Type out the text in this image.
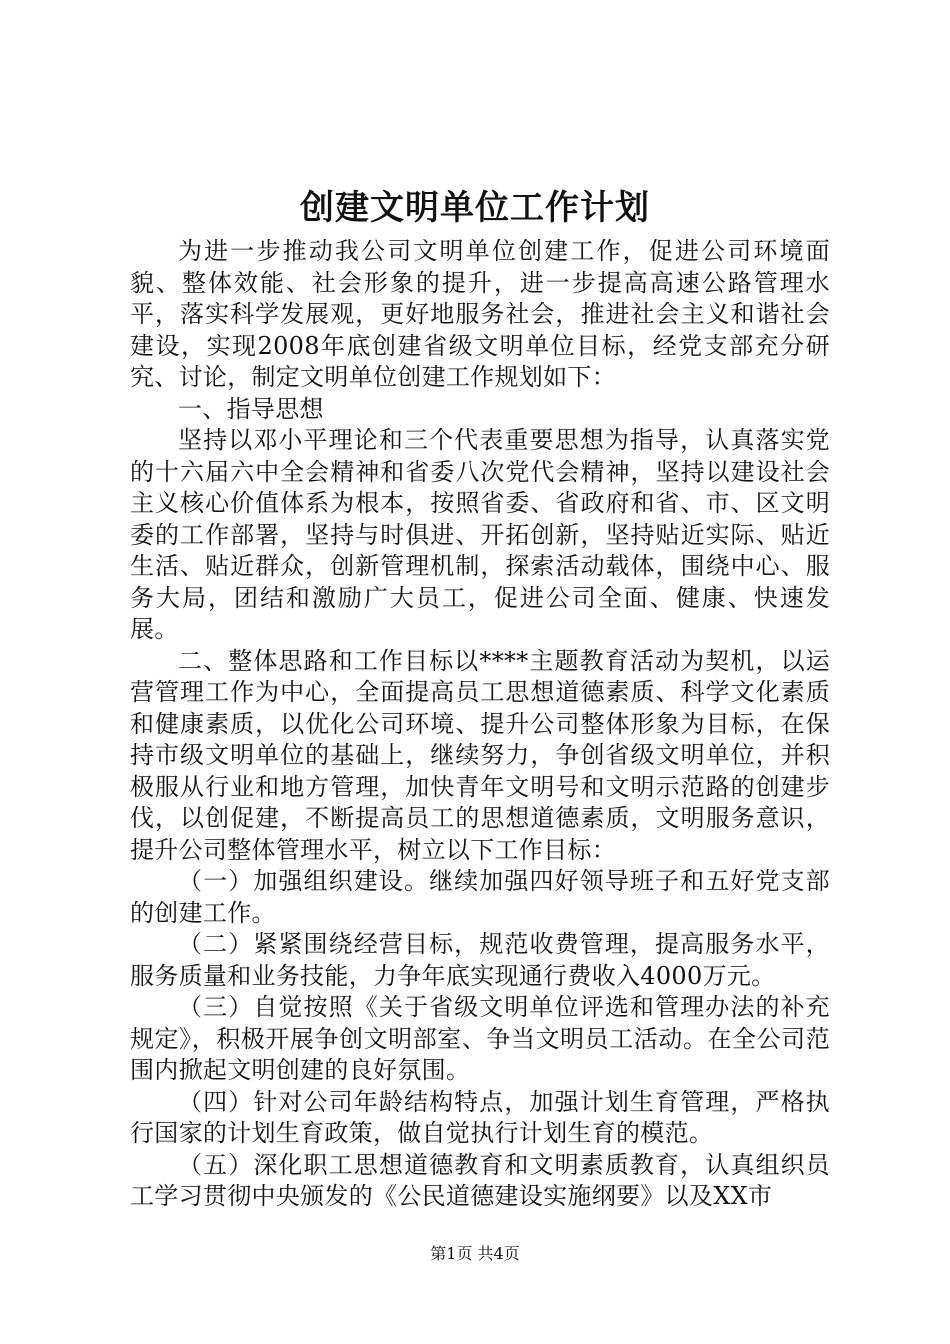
创建文明单位工作计划

为进一步推动我公司文明单位创建工作，促进公司环境面貌、整体效能、社会形象的提升，进一步提高高速公路管理水平，落实科学发展观，更好地服务社会，推进社会主义和谐社会建设，实现2008年底创建省级文明单位目标，经党支部充分研究、讨论，制定文明单位创建工作规划如下：

一、指导思想

坚持以邓小平理论和三个代表重要思想为指导，认真落实党的十六届六中全会精神和省委八次党代会精神，坚持以建设社会主义核心价值体系为根本，按照省委、省政府和省、市、区文明委的工作部署，坚持与时俱进、开拓创新，坚持贴近实际、贴近生活、贴近群众，创新管理机制，探索活动载体，围绕中心、服务大局，团结和激励广大员工，促进公司全面、健康、快速发展。

二、整体思路和工作目标以****主题教育活动为契机，以运营管理工作为中心，全面提高员工思想道德素质、科学文化素质和健康素质，以优化公司环境、提升公司整体形象为目标，在保持市级文明单位的基础上，继续努力，争创省级文明单位，并积极服从行业和地方管理，加快青年文明号和文明示范路的创建步伐，以创促建，不断提高员工的思想道德素质，文明服务意识，提升公司整体管理水平，树立以下工作目标：

（一）加强组织建设。继续加强四好领导班子和五好党支部的创建工作。

（二）紧紧围绕经营目标，规范收费管理，提高服务水平，服务质量和业务技能，力争年底实现通行费收入4000万元。

（三）自觉按照《关于省级文明单位评选和管理办法的补充规定》，积极开展争创文明部室、争当文明员工活动。在全公司范围内掀起文明创建的良好氛围。

（四）针对公司年龄结构特点，加强计划生育管理，严格执行国家的计划生育政策，做自觉执行计划生育的模范。

（五）深化职工思想道德教育和文明素质教育，认真组织员工学习贯彻中央颁发的《公民道德建设实施纲要》以及XX市

第1页 共4页
